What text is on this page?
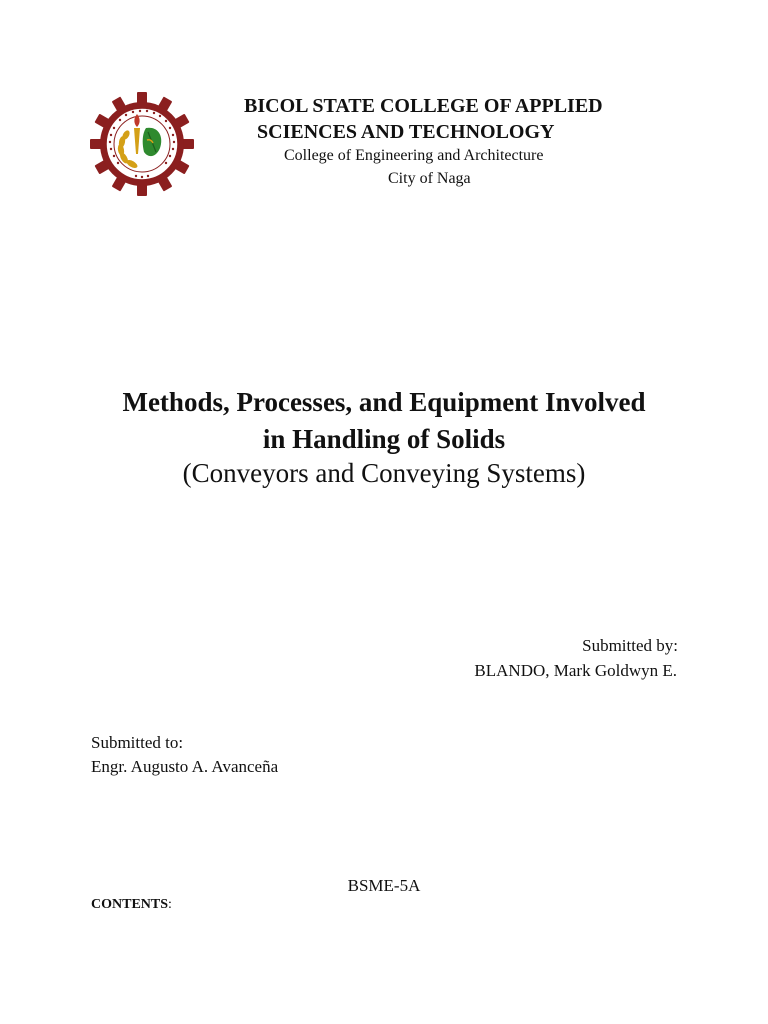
BICOL STATE COLLEGE OF APPLIED
SCIENCES AND TECHNOLOGY
College of Engineering and Architecture
City of Naga
Methods, Processes, and Equipment Involved
in Handling of Solids
(Conveyors and Conveying Systems)
Submitted by:
BLANDO, Mark Goldwyn E.
Submitted to:
Engr. Augusto A. Avanceña
BSME-5A
CONTENTS:
